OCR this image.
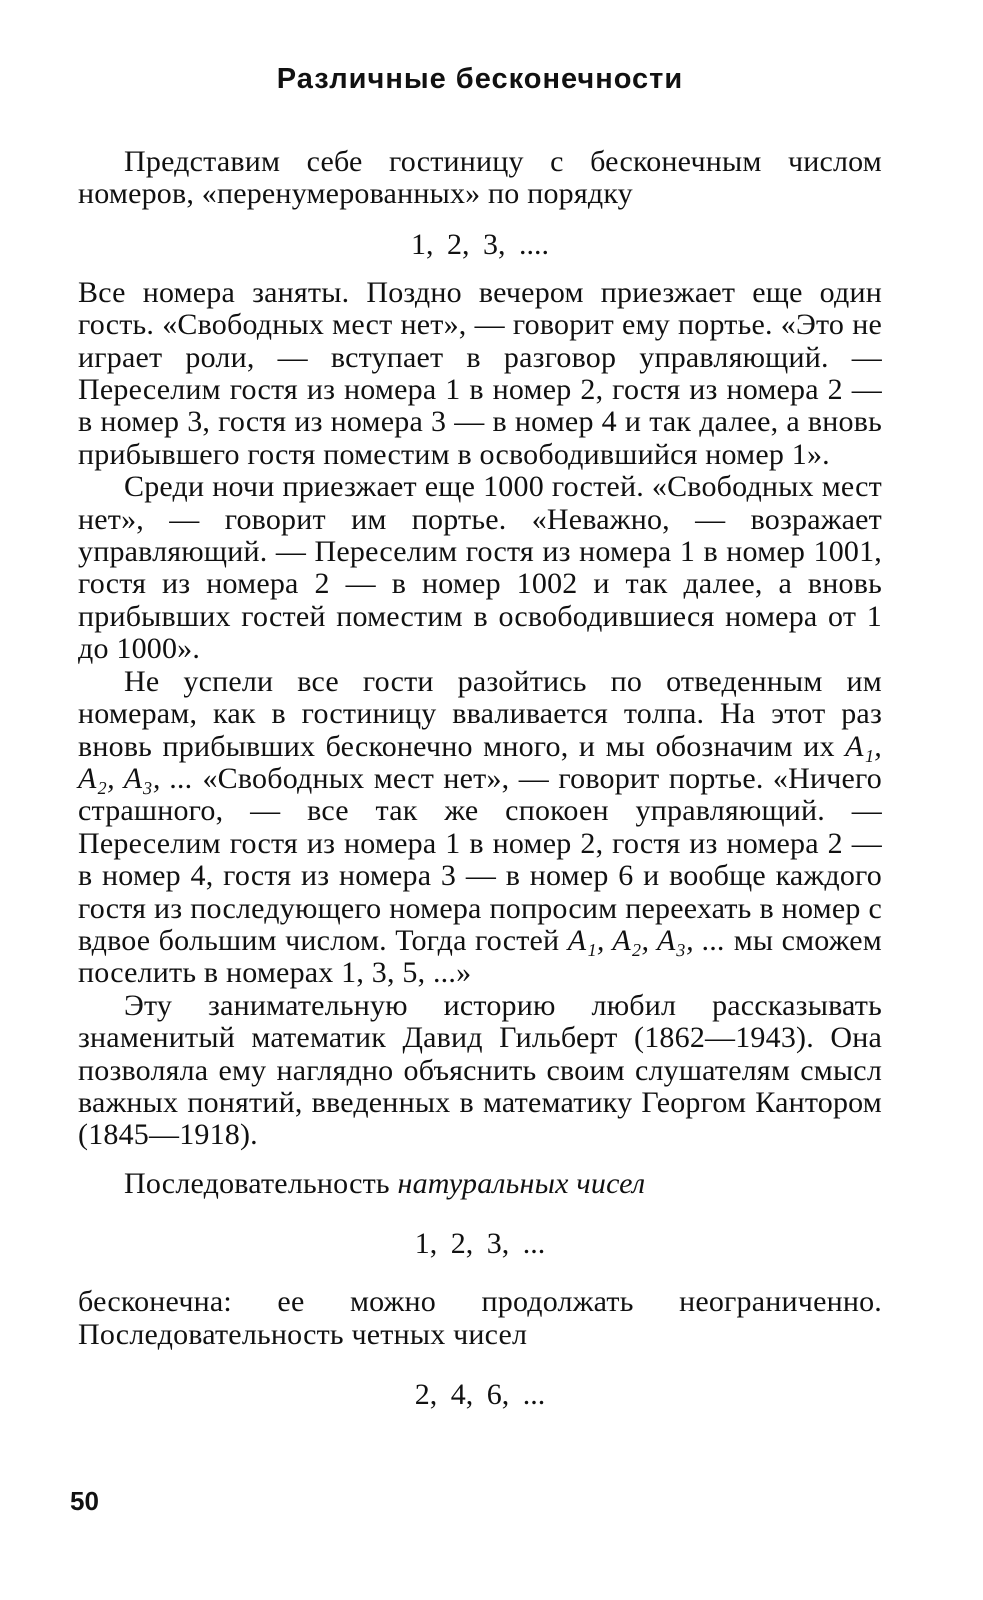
Различные бесконечности

Представим себе гостиницу с бесконечным числом номеров, «перенумерованных» по порядку

1, 2, 3, ....

Все номера заняты. Поздно вечером приезжает еще один гость. «Свободных мест нет», — говорит ему портье. «Это не играет роли, — вступает в разговор управляющий. — Переселим гостя из номера 1 в номер 2, гостя из номера 2 — в номер 3, гостя из номера 3 — в номер 4 и так далее, а вновь прибывшего гостя поместим в освободившийся номер 1».

Среди ночи приезжает еще 1000 гостей. «Свободных мест нет», — говорит им портье. «Неважно, — возражает управляющий. — Переселим гостя из номера 1 в номер 1001, гостя из номера 2 — в номер 1002 и так далее, а вновь прибывших гостей поместим в освободившиеся номера от 1 до 1000».

Не успели все гости разойтись по отведенным им номерам, как в гостиницу вваливается толпа. На этот раз вновь прибывших бесконечно много, и мы обозначим их A₁, A₂, A₃, ... «Свободных мест нет», — говорит портье. «Ничего страшного, — все так же спокоен управляющий. — Переселим гостя из номера 1 в номер 2, гостя из номера 2 — в номер 4, гостя из номера 3 — в номер 6 и вообще каждого гостя из последующего номера попросим переехать в номер с вдвое большим числом. Тогда гостей A₁, A₂, A₃, ... мы сможем поселить в номерах 1, 3, 5, ...»

Эту занимательную историю любил рассказывать знаменитый математик Давид Гильберт (1862—1943). Она позволяла ему наглядно объяснить своим слушателям смысл важных понятий, введенных в математику Георгом Кантором (1845—1918).

Последовательность натуральных чисел

1, 2, 3, ...

бесконечна: ее можно продолжать неограниченно. Последовательность четных чисел

2, 4, 6, ...
50
